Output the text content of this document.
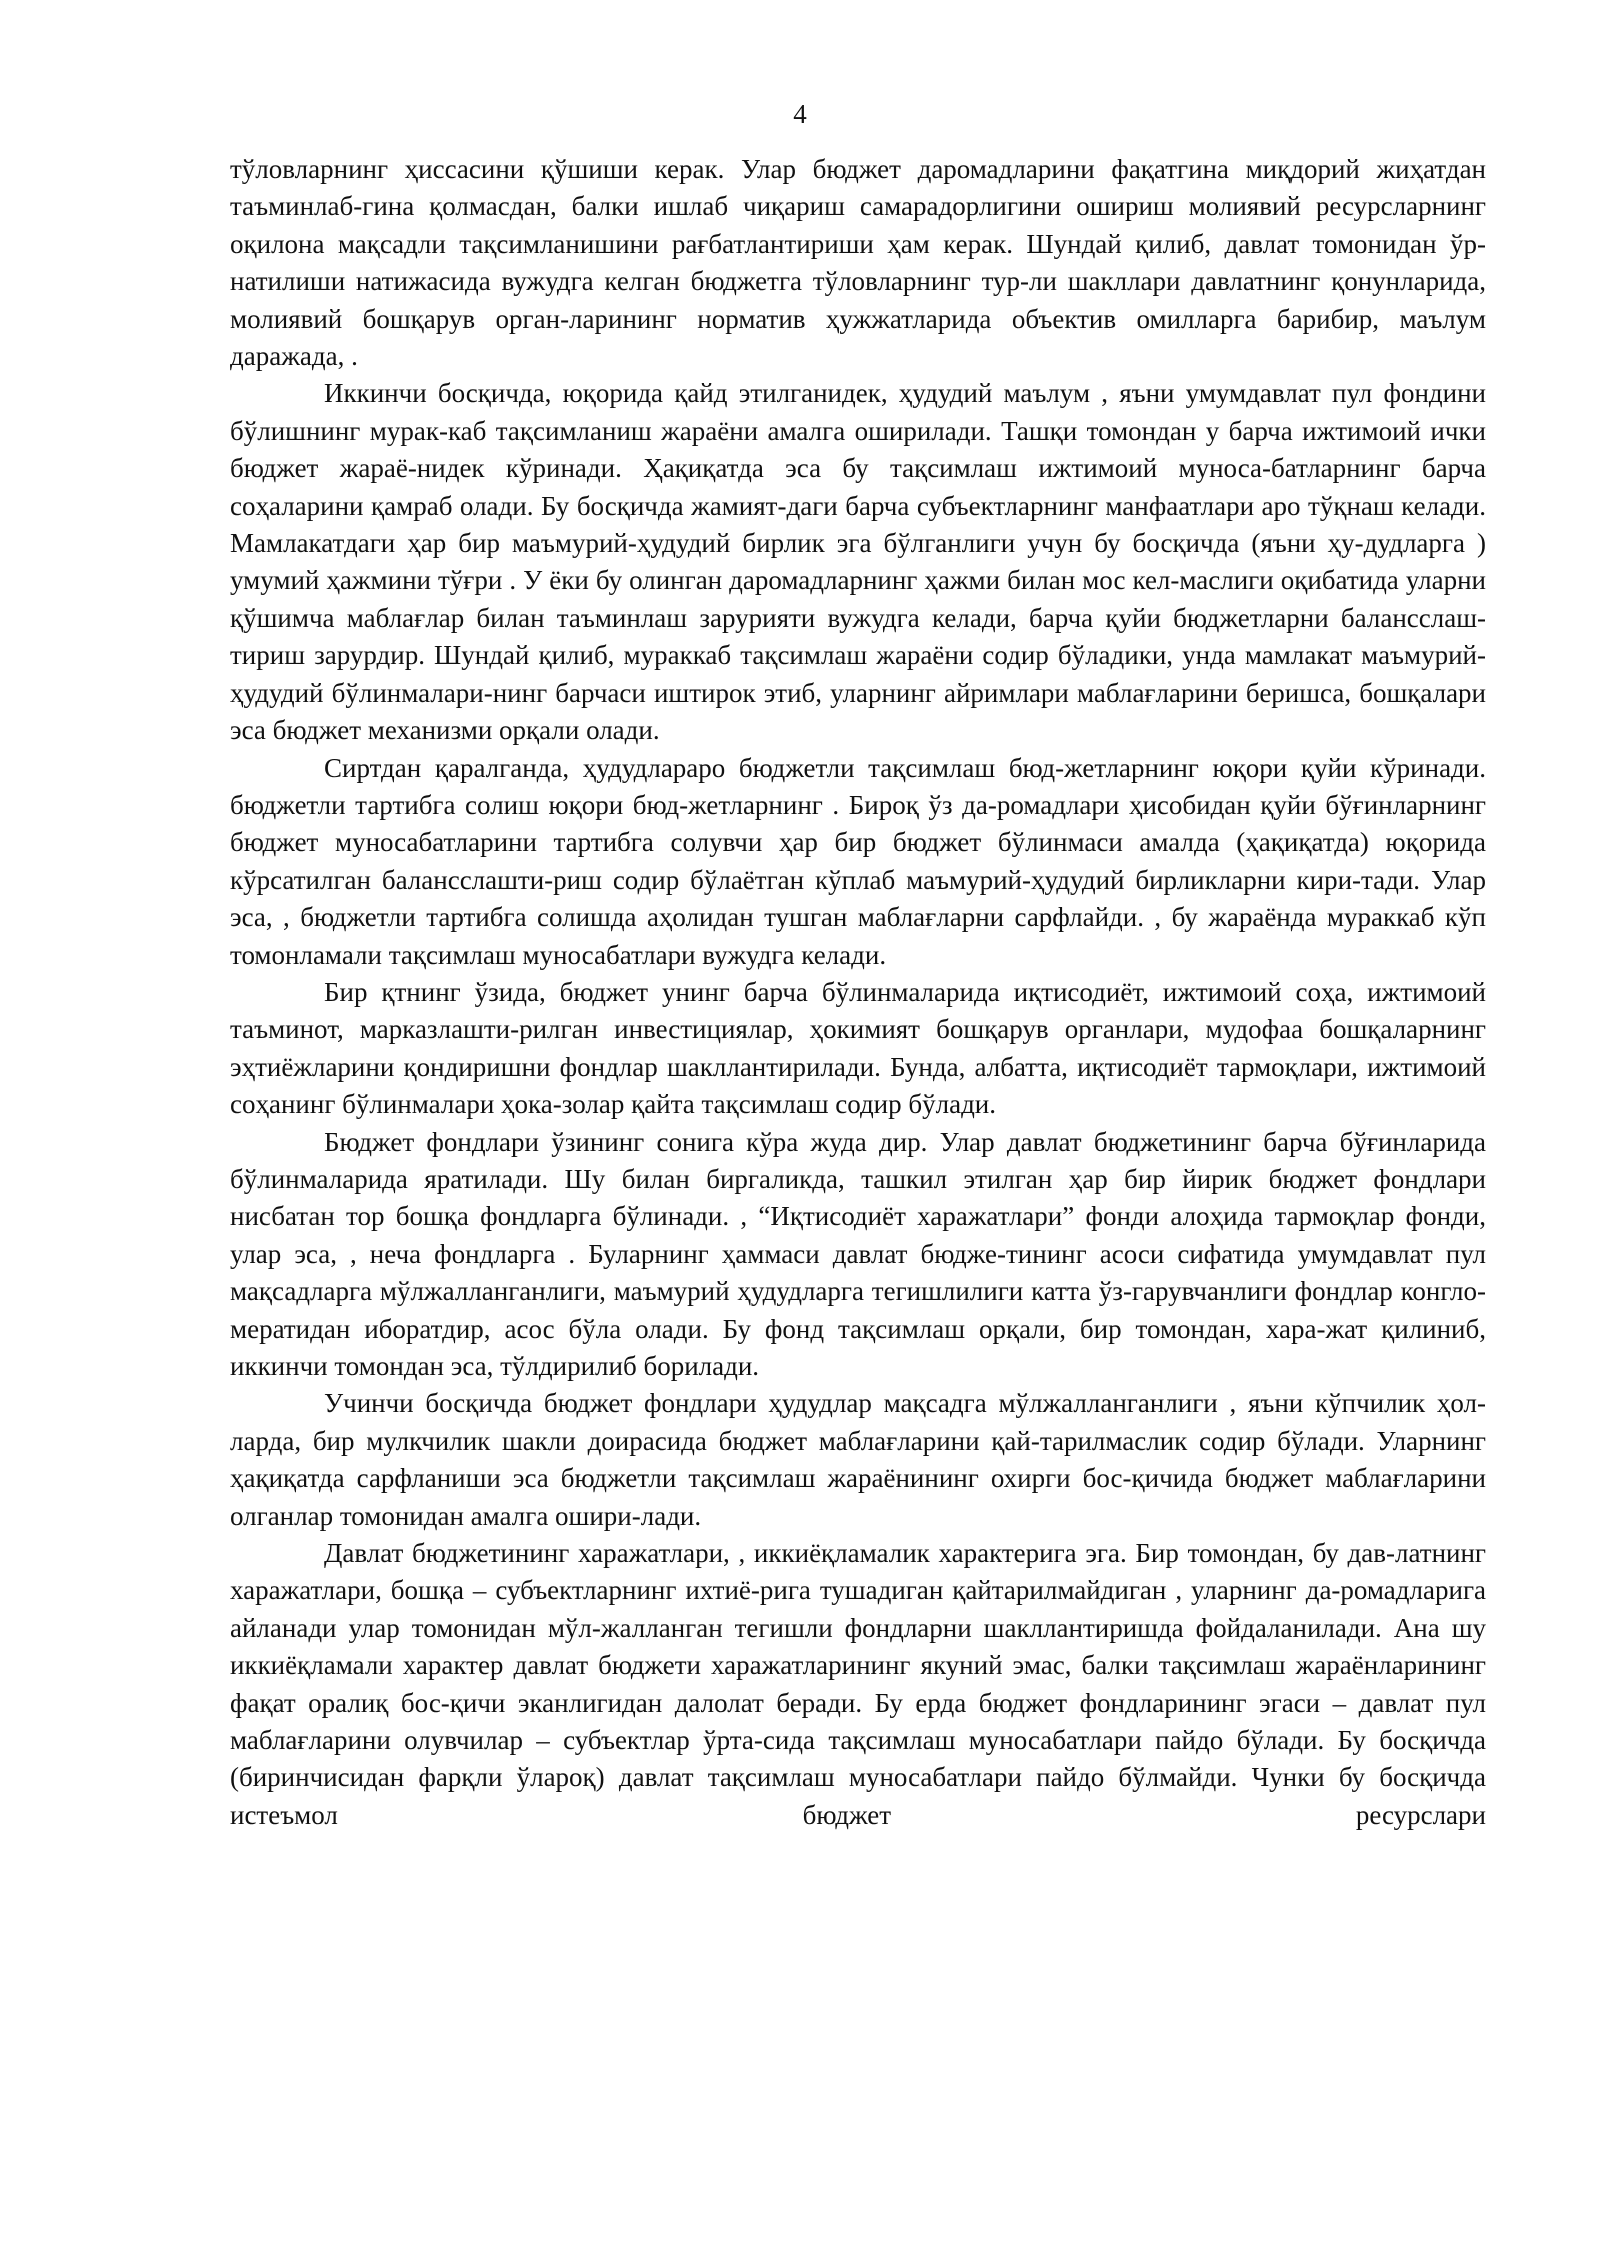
4

тўловларнинг ҳиссасини қўшиши керак. Улар бюджет даромадларини фақатгина миқдорий жиҳатдан таъминлаб-гина қолмасдан, балки ишлаб чиқариш самарадорлигини ошириш молиявий ресурсларнинг оқилона мақсадли тақсимланишини рағбатлантириши ҳам керак. Шундай қилиб, давлат томонидан ўр-натилиши натижасида вужудга келган бюджетга тўловларнинг тур-ли шакллари давлатнинг қонунларида, молиявий бошқарув орган-ларининг норматив ҳужжатларида объектив омилларга барибир, маълум даражада, .

Иккинчи босқичда, юқорида қайд этилганидек, ҳудудий маълум , яъни умумдавлат пул фондини бўлишнинг мурак-каб тақсимланиш жараёни амалга оширилади. Ташқи томондан у барча ижтимоий ички бюджет жараё-нидек кўринади. Ҳақиқатда эса бу тақсимлаш ижтимоий муноса-батларнинг барча соҳаларини қамраб олади. Бу босқичда жамият-даги барча субъектларнинг манфаатлари аро тўқнаш келади. Мамлакатдаги ҳар бир маъмурий-ҳудудий бирлик эга бўлганлиги учун бу босқичда (яъни ҳу-дудларга ) умумий ҳажмини тўғри . У ёки бу олинган даромадларнинг ҳажми билан мос кел-маслиги оқибатида уларни қўшимча маблағлар билан таъминлаш зарурияти вужудга келади, барча қуйи бюджетларни балансслаш-тириш зарурдир. Шундай қилиб, мураккаб тақсимлаш жараёни содир бўладики, унда мамлакат маъмурий-ҳудудий бўлинмалари-нинг барчаси иштирок этиб, уларнинг айримлари маблағларини беришса, бошқалари эса бюджет механизми орқали олади.

Сиртдан қаралганда, ҳудудлараро бюджетли тақсимлаш бюд-жетларнинг юқори қуйи кўринади. бюджетли тартибга солиш юқори бюд-жетларнинг . Бироқ ўз да-ромадлари ҳисобидан қуйи бўғинларнинг бюджет муносабатларини тартибга солувчи ҳар бир бюджет бўлинмаси амалда (ҳақиқатда) юқорида кўрсатилган балансслашти-риш содир бўлаётган кўплаб маъмурий-ҳудудий бирликларни кири-тади. Улар эса, , бюджетли тартибга солишда аҳолидан тушган маблағларни сарфлайди. , бу жараёнда мураккаб кўп томонламали тақсимлаш муносабатлари вужудга келади.

Бир қтнинг ўзида, бюджет унинг барча бўлинмаларида иқтисодиёт, ижтимоий соҳа, ижтимоий таъминот, марказлашти-рилган инвестициялар, ҳокимият бошқарув органлари, мудофаа бошқаларнинг эҳтиёжларини қондиришни фондлар шакллантирилади. Бунда, албатта, иқтисодиёт тармоқлари, ижтимоий соҳанинг бўлинмалари ҳока-золар қайта тақсимлаш содир бўлади.

Бюджет фондлари ўзининг сонига кўра жуда дир. Улар давлат бюджетининг барча бўғинларида бўлинмаларида яратилади. Шу билан биргаликда, ташкил этилган ҳар бир йирик бюджет фондлари нисбатан тор бошқа фондларга бўлинади. , “Иқтисодиёт харажатлари” фонди алоҳида тармоқлар фонди, улар эса, , неча фондларга . Буларнинг ҳаммаси давлат бюдже-тининг асоси сифатида умумдавлат пул мақсадларга мўлжалланганлиги, маъмурий ҳудудларга тегишлилиги катта ўз-гарувчанлиги фондлар конгло-мератидан иборатдир, асос бўла олади. Бу фонд тақсимлаш орқали, бир томондан, хара-жат қилиниб, иккинчи томондан эса, тўлдирилиб борилади.

Учинчи босқичда бюджет фондлари ҳудудлар мақсадга мўлжалланганлиги , яъни кўпчилик ҳол-ларда, бир мулкчилик шакли доирасида бюджет маблағларини қай-тарилмаслик содир бўлади. Уларнинг ҳақиқатда сарфланиши эса бюджетли тақсимлаш жараёнининг охирги бос-қичида бюджет маблағларини олганлар томонидан амалга ошири-лади.

Давлат бюджетининг харажатлари, , иккиёқламалик характерига эга. Бир томондан, бу дав-латнинг харажатлари, бошқа – субъектларнинг ихтиё-рига тушадиган қайтарилмайдиган , уларнинг да-ромадларига айланади улар томонидан мўл-жалланган тегишли фондларни шакллантиришда фойдаланилади. Ана шу иккиёқламали характер давлат бюджети харажатларининг якуний эмас, балки тақсимлаш жараёнларининг фақат оралиқ бос-қичи эканлигидан далолат беради. Бу ерда бюджет фондларининг эгаси – давлат пул маблағларини олувчилар – субъектлар ўрта-сида тақсимлаш муносабатлари пайдо бўлади. Бу босқичда (биринчисидан фарқли ўлароқ) давлат тақсимлаш муносабатлари пайдо бўлмайди. Чунки бу босқичда истеъмол бюджет ресурслари
